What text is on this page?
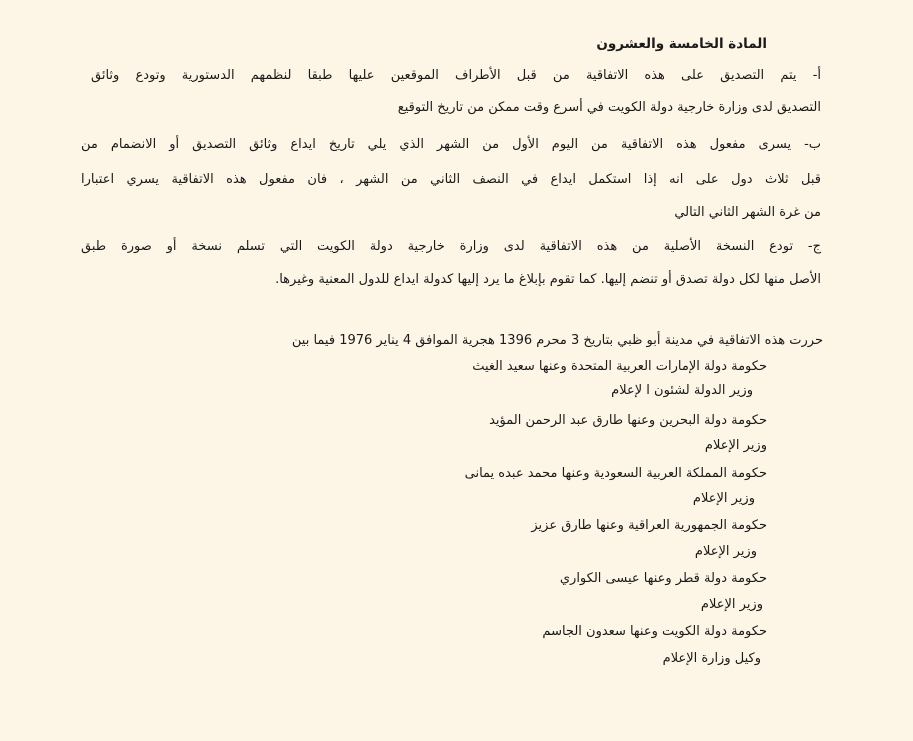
المادة الخامسة والعشرون
أ- يتم التصديق على هذه الاتفاقية من قبل الأطراف الموقعين عليها طبقا لنظمهم الدستورية وتودع وثائق
التصديق لدى وزارة خارجية دولة الكويت في أسرع وقت ممكن من تاريخ التوقيع
ب- يسرى مفعول هذه الاتفاقية من اليوم الأول من الشهر الذي يلي تاريخ ايداع وثائق التصديق أو الانضمام من
قبل ثلاث دول على انه إذا استكمل ايداع في النصف الثاني من الشهر ، فان مفعول هذه الاتفاقية يسري اعتبارا
من غرة الشهر الثاني التالي
ج- تودع النسخة الأصلية من هذه الاتفاقية لدى وزارة خارجية دولة الكويت التي تسلم نسخة أو صورة طبق
الأصل منها لكل دولة تصدق أو تنضم إليها. كما تقوم بإبلاغ ما يرد إليها كدولة ايداع للدول المعنية وغيرها.
حررت هذه الاتفاقية في مدينة أبو ظبي بتاريخ 3 محرم 1396 هجرية الموافق 4 يناير 1976 فيما بين
حكومة دولة الإمارات العربية المتحدة وعنها سعيد الغيث
وزير الدولة لشئون ا لإعلام
حكومة دولة البحرين وعنها طارق عبد الرحمن المؤيد
وزير الإعلام
حكومة المملكة العربية السعودية وعنها محمد عبده يمانى
وزير الإعلام
حكومة الجمهورية العراقية وعنها طارق عزيز
وزير الإعلام
حكومة دولة قطر وعنها عيسى الكواري
وزير الإعلام
حكومة دولة الكويت وعنها سعدون الجاسم
وكيل وزارة الإعلام
